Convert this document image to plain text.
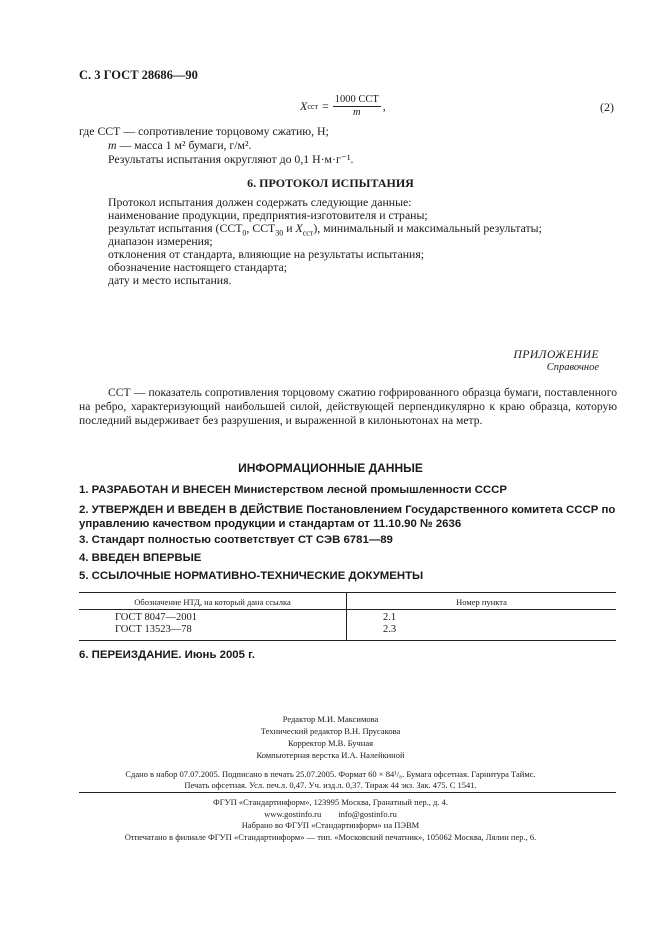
С. 3 ГОСТ 28686—90
X сст = $\frac{\text{1000 ССТ}}{m}$ ,	(2)
где ССТ — сопротивление торцовому сжатию, Н;
m — масса 1 м² бумаги, г/м².
Результаты испытания округляют до 0,1 Н·м·г⁻¹.
6. ПРОТОКОЛ ИСПЫТАНИЯ
Протокол испытания должен содержать следующие данные:
наименование продукции, предприятия-изготовителя и страны;
результат испытания ($ССТ_0$, $ССТ_{30}$ и $X_{сст}$), минимальный и максимальный результаты;
диапазон измерения;
отклонения от стандарта, влияющие на результаты испытания;
обозначение настоящего стандарта;
дату и место испытания.
ПРИЛОЖЕНИЕ
Справочное
ССТ — показатель сопротивления торцовому сжатию гофрированного образца бумаги, поставленного на ребро, характеризующий наибольшей силой, действующей перпендикулярно к краю образца, которую последний выдерживает без разрушения, и выраженной в килоньютонах на метр.
ИНФОРМАЦИОННЫЕ ДАННЫЕ
1. РАЗРАБОТАН И ВНЕСЕН Министерством лесной промышленности СССР
2. УТВЕРЖДЕН И ВВЕДЕН В ДЕЙСТВИЕ Постановлением Государственного комитета СССР по управлению качеством продукции и стандартам от 11.10.90 № 2636
3. Стандарт полностью соответствует СТ СЭВ 6781—89
4. ВВЕДЕН ВПЕРВЫЕ
5. ССЫЛОЧНЫЕ НОРМАТИВНО-ТЕХНИЧЕСКИЕ ДОКУМЕНТЫ
Обозначение НТД, на который дана ссылка	Номер пункта
ГОСТ 8047—2001	2.1
ГОСТ 13523—78	2.3
6. ПЕРЕИЗДАНИЕ. Июнь 2005 г.
Редактор М.И. Максимова
Технический редактор В.Н. Прусакова
Корректор М.В. Бучная
Компьютерная верстка И.А. Налейкиной
Сдано в набор 07.07.2005. Подписано в печать 25.07.2005. Формат 60 × 84¹/₈. Бумага офсетная. Гарнитура Таймс.
Печать офсетная. Усл. печ.л. 0,47. Уч. изд.л. 0,37. Тираж 44 экз. Зак. 475. С 1541.
ФГУП «Стандартинформ», 123995 Москва, Гранатный пер., д. 4.
www.gostinfo.ru        info@gostinfo.ru
Набрано во ФГУП «Стандартинформ» на ПЭВМ
Отпечатано в филиале ФГУП «Стандартинформ» — тип. «Московский печатник», 105062 Москва, Лялин пер., 6.
